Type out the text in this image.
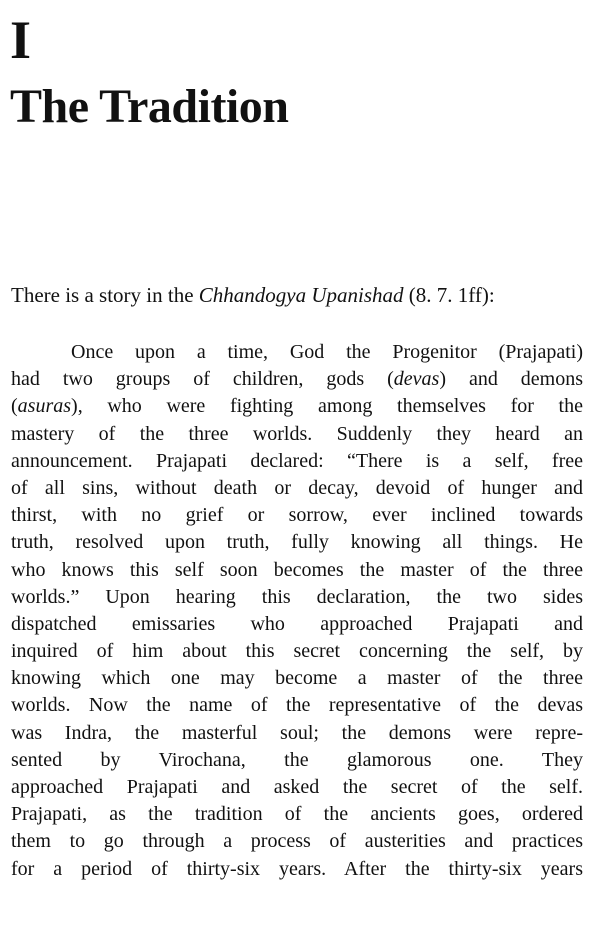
I
The Tradition

There is a story in the Chhandogya Upanishad (8. 7. 1ff):

Once upon a time, God the Progenitor (Prajapati)
had two groups of children, gods (devas) and demons
(asuras), who were fighting among themselves for the
mastery of the three worlds. Suddenly they heard an
announcement. Prajapati declared: “There is a self, free
of all sins, without death or decay, devoid of hunger and
thirst, with no grief or sorrow, ever inclined towards
truth, resolved upon truth, fully knowing all things. He
who knows this self soon becomes the master of the three
worlds.” Upon hearing this declaration, the two sides
dispatched emissaries who approached Prajapati and
inquired of him about this secret concerning the self, by
knowing which one may become a master of the three
worlds. Now the name of the representative of the devas
was Indra, the masterful soul; the demons were repre-
sented by Virochana, the glamorous one. They
approached Prajapati and asked the secret of the self.
Prajapati, as the tradition of the ancients goes, ordered
them to go through a process of austerities and practices
for a period of thirty-six years. After the thirty-six years
